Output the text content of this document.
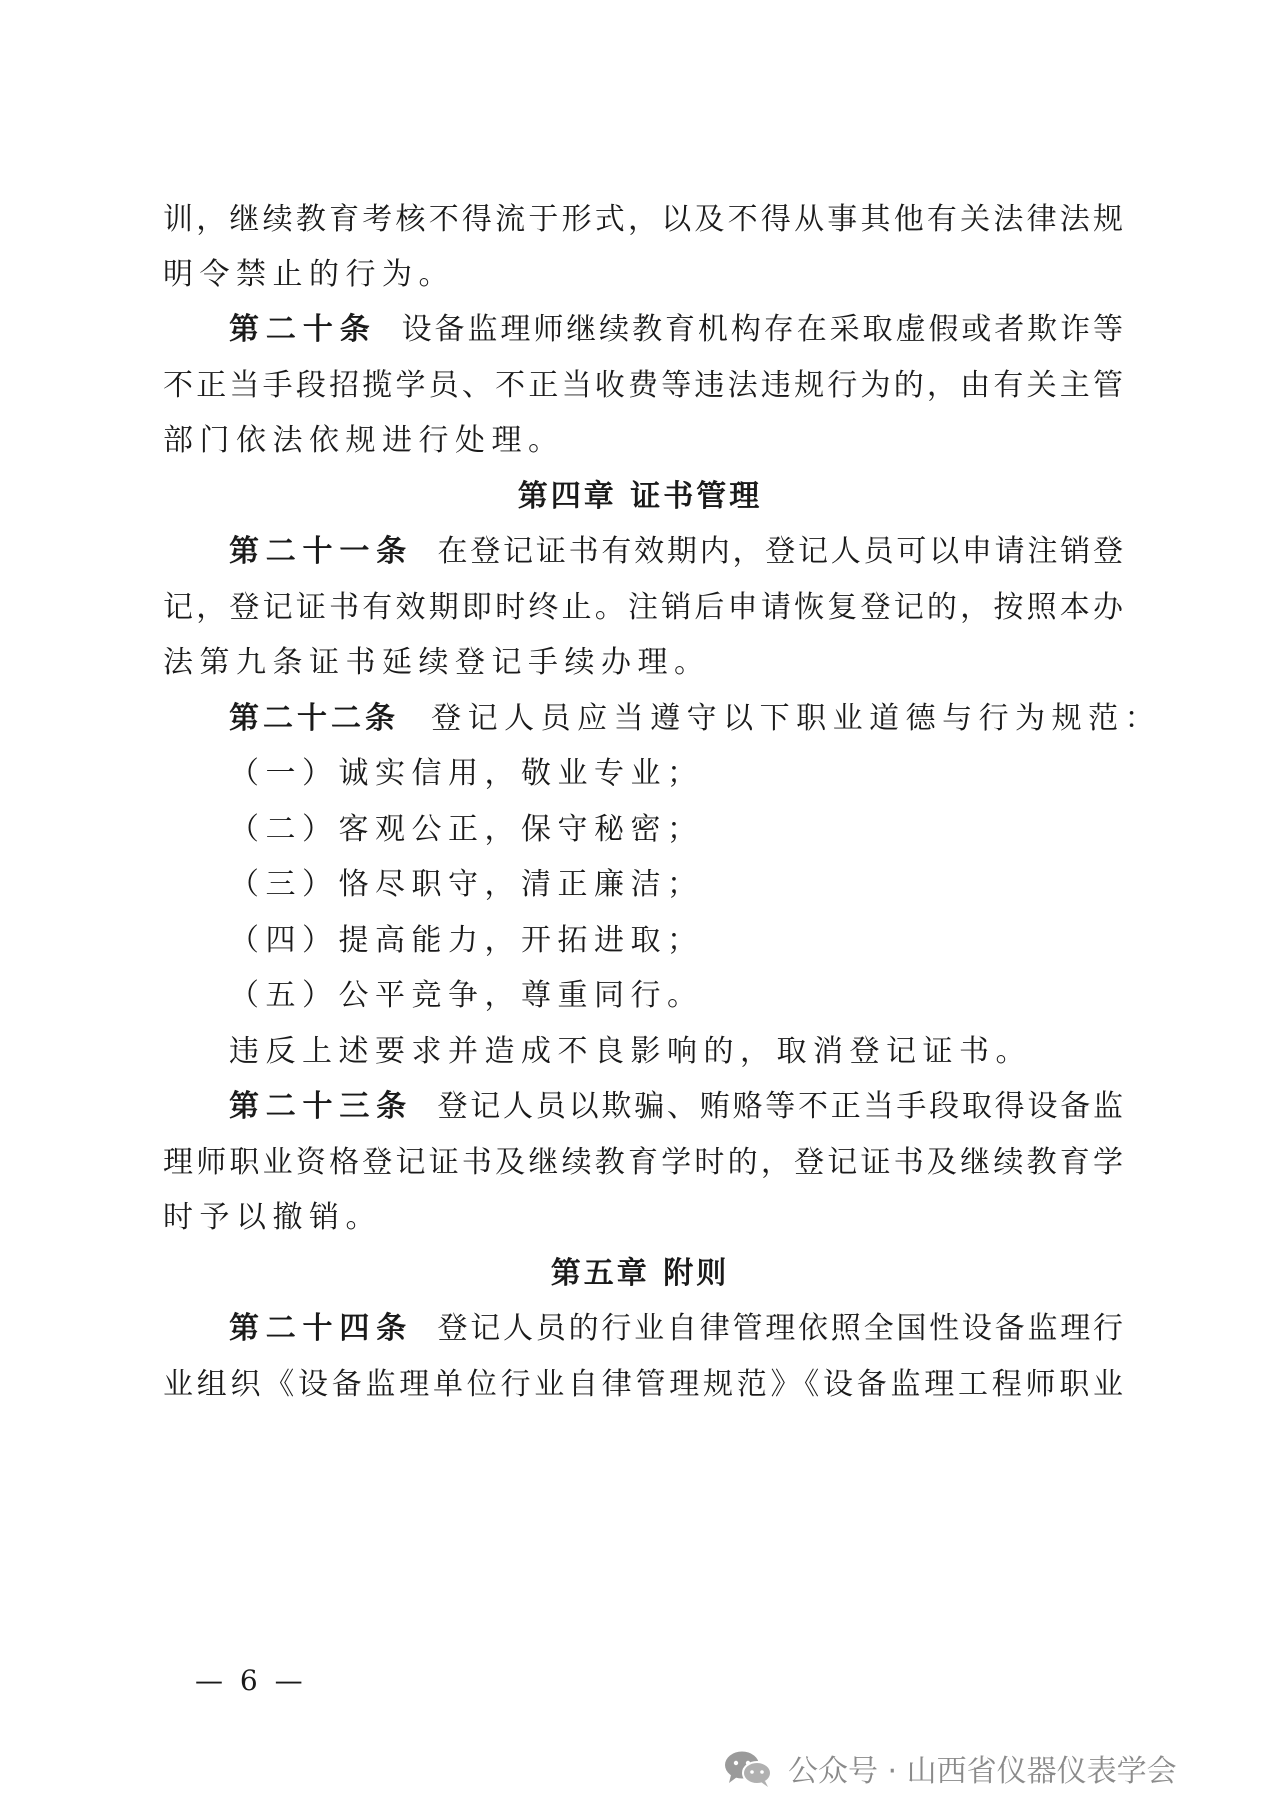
训，继续教育考核不得流于形式，以及不得从事其他有关法律法规
明令禁止的行为。
第二十条 设备监理师继续教育机构存在采取虚假或者欺诈等
不正当手段招揽学员、不正当收费等违法违规行为的，由有关主管
部门依法依规进行处理。
第四章 证书管理
第二十一条 在登记证书有效期内，登记人员可以申请注销登
记，登记证书有效期即时终止。注销后申请恢复登记的，按照本办
法第九条证书延续登记手续办理。
第二十二条 登记人员应当遵守以下职业道德与行为规范：
（一）诚实信用，敬业专业；
（二）客观公正，保守秘密；
（三）恪尽职守，清正廉洁；
（四）提高能力，开拓进取；
（五）公平竞争，尊重同行。
违反上述要求并造成不良影响的，取消登记证书。
第二十三条 登记人员以欺骗、贿赂等不正当手段取得设备监
理师职业资格登记证书及继续教育学时的，登记证书及继续教育学
时予以撤销。
第五章 附则
第二十四条 登记人员的行业自律管理依照全国性设备监理行
业组织《设备监理单位行业自律管理规范》《设备监理工程师职业
— 6 —
公众号 · 山西省仪器仪表学会
